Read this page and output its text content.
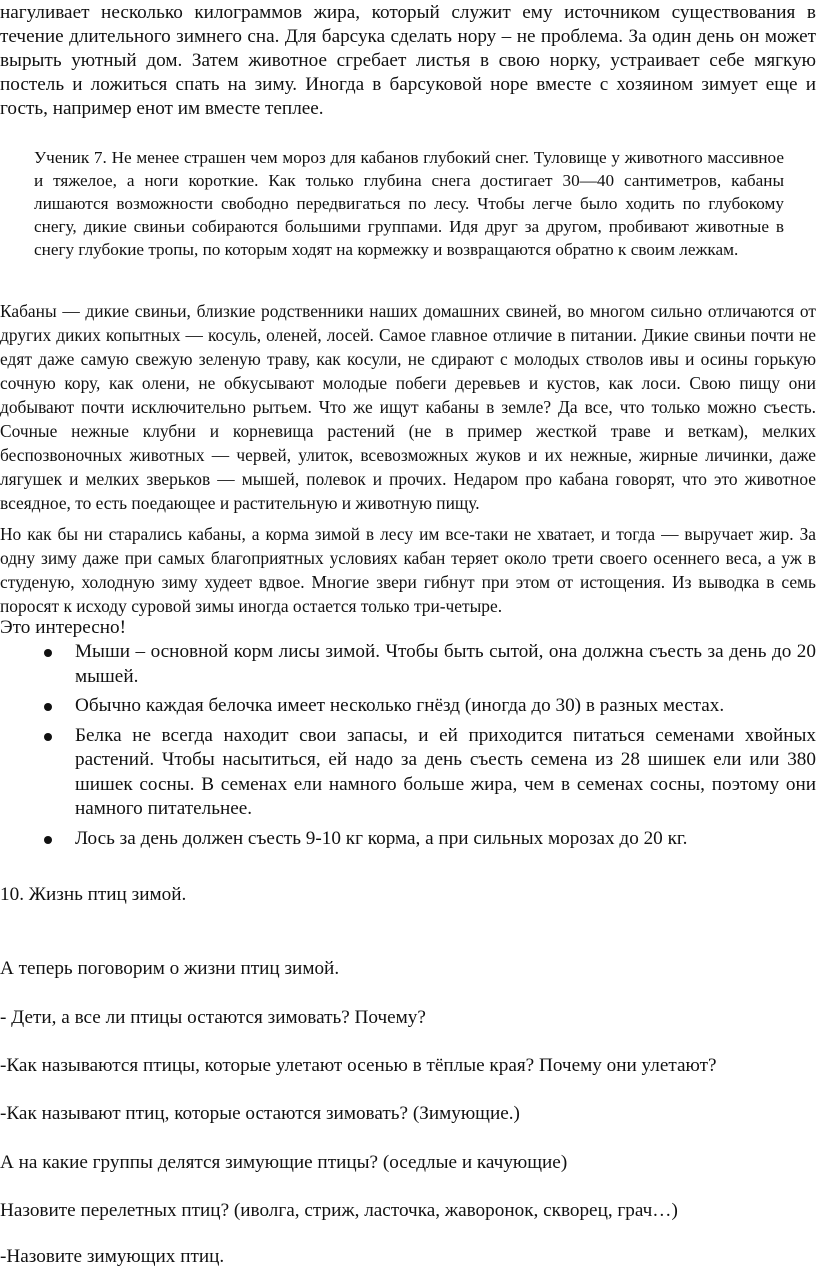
нагуливает несколько килограммов жира, который служит ему источником существования в течение длительного зимнего сна. Для барсука сделать нору – не проблема. За один день он может вырыть уютный дом. Затем животное сгребает листья в свою норку, устраивает себе мягкую постель и ложиться спать на зиму. Иногда в барсуковой норе вместе с хозяином зимует еще и гость, например енот им вместе теплее.

Ученик 7. Не менее страшен чем мороз для кабанов глубокий снег. Туловище у животного массивное и тяжелое, а ноги короткие. Как только глубина снега достигает 30—40 сантиметров, кабаны лишаются возможности свободно передвигаться по лесу. Чтобы легче было ходить по глубокому снегу, дикие свиньи собираются большими группами. Идя друг за другом, пробивают животные в снегу глубокие тропы, по которым ходят на кормежку и возвращаются обратно к своим лежкам.

Кабаны — дикие свиньи, близкие родственники наших домашних свиней, во многом сильно отличаются от других диких копытных — косуль, оленей, лосей. Самое главное отличие в питании. Дикие свиньи почти не едят даже самую свежую зеленую траву, как косули, не сдирают с молодых стволов ивы и осины горькую сочную кору, как олени, не обкусывают молодые побеги деревьев и кустов, как лоси. Свою пищу они добывают почти исключительно рытьем. Что же ищут кабаны в земле? Да все, что только можно съесть. Сочные нежные клубни и корневища растений (не в пример жесткой траве и веткам), мелких беспозвоночных животных — червей, улиток, всевозможных жуков и их нежные, жирные личинки, даже лягушек и мелких зверьков — мышей, полевок и прочих. Недаром про кабана говорят, что это животное всеядное, то есть поедающее и растительную и животную пищу.

Но как бы ни старались кабаны, а корма зимой в лесу им все-таки не хватает, и тогда — выручает жир. За одну зиму даже при самых благоприятных условиях кабан теряет около трети своего осеннего веса, а уж в студеную, холодную зиму худеет вдвое. Многие звери гибнут при этом от истощения. Из выводка в семь поросят к исходу суровой зимы иногда остается только три-четыре.

Это интересно!

Мыши – основной корм лисы зимой. Чтобы быть сытой, она должна съесть за день до 20 мышей.
Обычно каждая белочка имеет несколько гнёзд (иногда до 30) в разных местах.
Белка не всегда находит свои запасы, и ей приходится питаться семенами хвойных растений. Чтобы насытиться, ей надо за день съесть семена из 28 шишек ели или 380 шишек сосны. В семенах ели намного больше жира, чем в семенах сосны, поэтому они намного питательнее.
Лось за день должен съесть 9-10 кг корма, а при сильных морозах до 20 кг.

10. Жизнь птиц зимой.

А теперь поговорим о жизни птиц зимой.

- Дети, а все ли птицы остаются зимовать? Почему?

-Как называются птицы, которые улетают осенью в тёплые края? Почему они улетают?

-Как называют птиц, которые остаются зимовать? (Зимующие.)

А на какие группы делятся зимующие птицы? (оседлые и качующие)

Назовите перелетных птиц? (иволга, стриж, ласточка, жаворонок, скворец, грач…)

-Назовите зимующих птиц.
